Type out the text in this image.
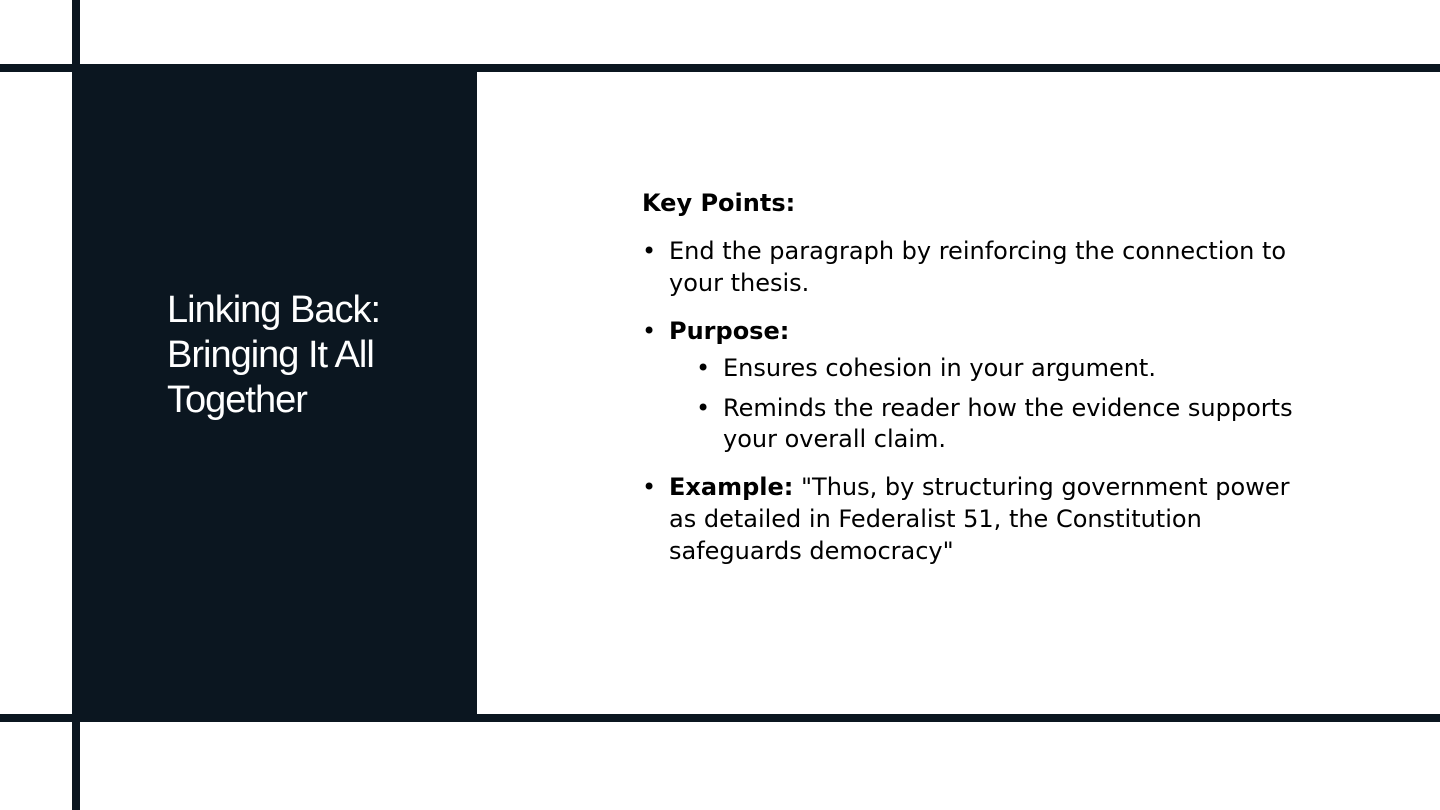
Linking Back: Bringing It All Together

Key Points:

• End the paragraph by reinforcing the connection to your thesis.
• Purpose:
• Ensures cohesion in your argument.
• Reminds the reader how the evidence supports your overall claim.
• Example: "Thus, by structuring government power as detailed in Federalist 51, the Constitution safeguards democracy"
